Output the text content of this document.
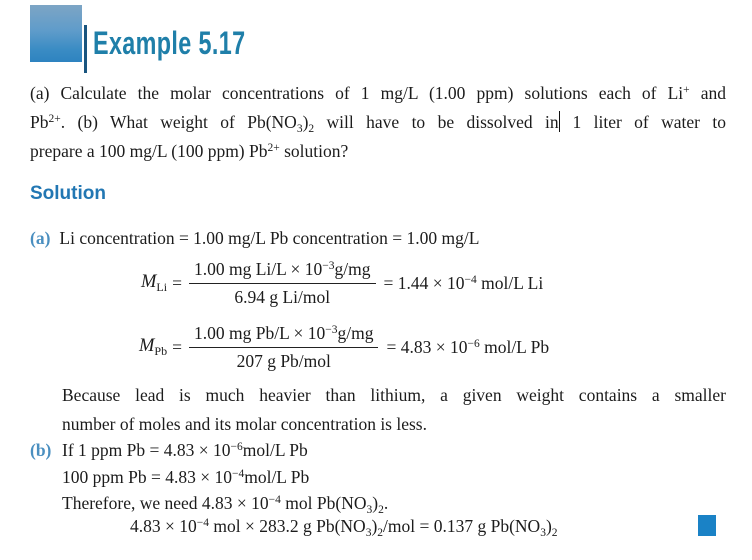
Example 5.17
(a) Calculate the molar concentrations of 1 mg/L (1.00 ppm) solutions each of Li+ and
$Pb^{2+}$. (b) What weight of $Pb(NO_3)_2$ will have to be dissolved in 1 liter of water to
prepare a 100 mg/L (100 ppm) $Pb^{2+}$ solution?
Solution
(a) Li concentration = 1.00 mg/L Pb concentration = 1.00 mg/L
$M_{Li} = \frac{1.00 mg Li/L \times 10^{-3}g/mg}{\text{6.94 g Li/mol}} = 1.44 \times 10^{-4}$ mol/L Li
$M_{Pb} = \frac{1.00 mg Pb/L \times 10^{-3}g/mg}{\text{207 g Pb/mol}} = 4.83 \times 10^{-6}$ mol/L Pb
Because lead is much heavier than lithium, a given weight contains a smaller
number of moles and its molar concentration is less.
(b) If 1 ppm $Pb = 4.83 \times 10^{-6}mol/L$ Pb
100 ppm $Pb = 4.83 \times 10^{-4}mol/L$ Pb
Therefore, we need $4.83 \times 10^{-4}$ mol $Pb(NO_3)_2$.
$4.83 \times 10^{-4}$ mol × 283.2 g $Pb(NO_3)_2$/mol = 0.137 g $Pb(NO_3)_2$
